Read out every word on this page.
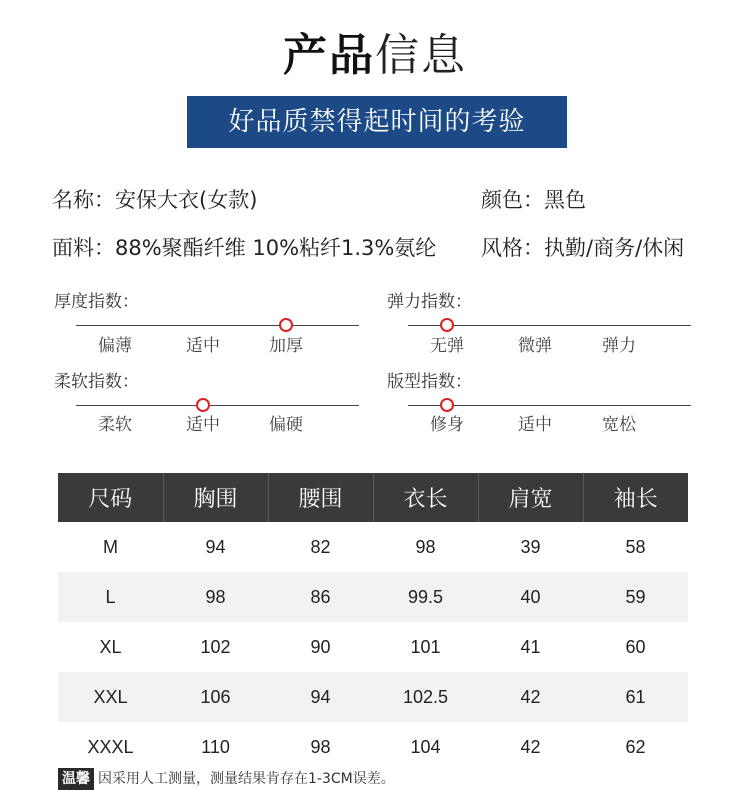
产品信息
好品质禁得起时间的考验
名称：安保大衣(女款)	颜色：黑色
面料：88%聚酯纤维 10%粘纤1.3%氨纶 风格：执勤/商务/休闲
厚度指数：
偏薄	适中	加厚
弹力指数：
无弹	微弹	弹力
柔软指数：
柔软	适中	偏硬
版型指数：
修身	适中	宽松
尺码	胸围	腰围	衣长	肩宽	袖长
M	94	82	98	39	58
L	98	86	99.5	40	59
XL	102	90	101	41	60
XXL	106	94	102.5	42	61
XXXL	110	98	104	42	62
温馨 因采用人工测量，测量结果肯存在1-3CM误差。
